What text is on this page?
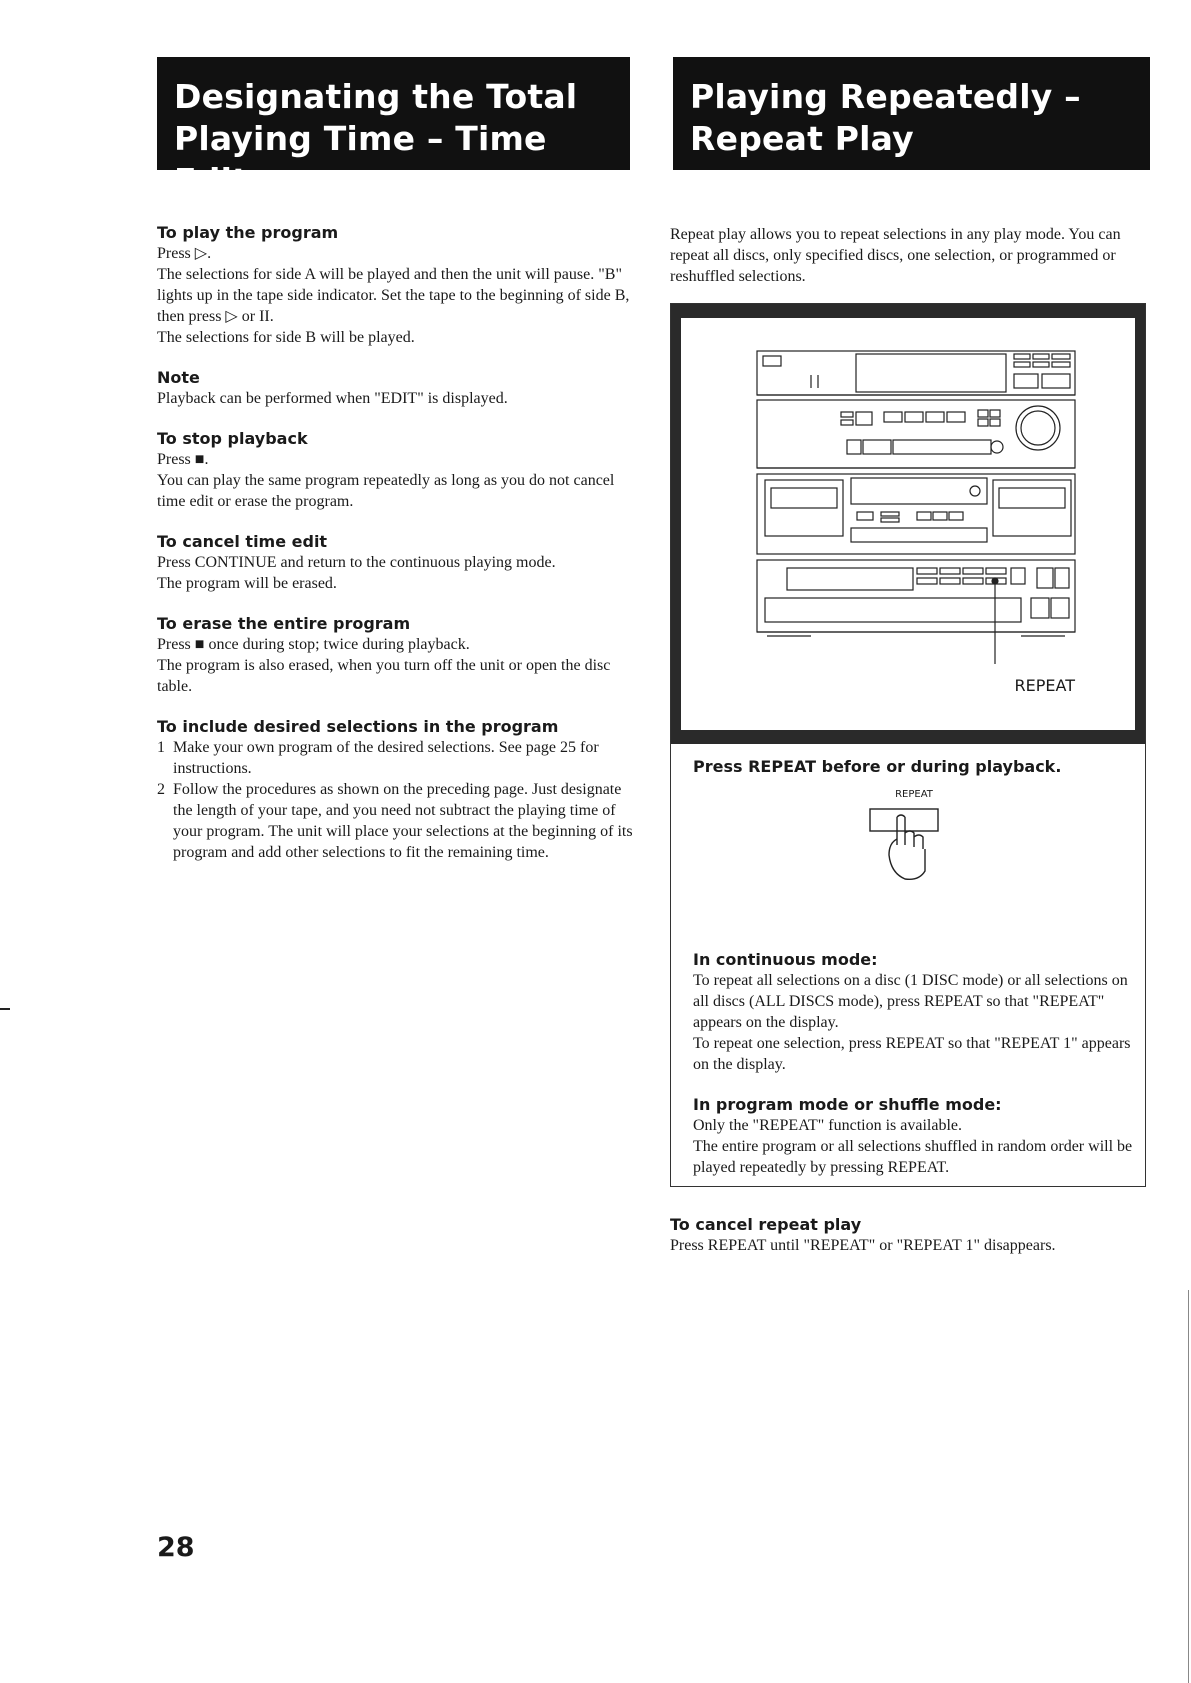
Designating the Total
Playing Time – Time Edit
Playing Repeatedly –
Repeat Play
To play the program

Press ▷.

The selections for side A will be played and then the unit will pause. "B" lights up in the tape side indicator. Set the tape to the beginning of side B, then press ▷ or II.

The selections for side B will be played.

Note

Playback can be performed when "EDIT" is displayed.

To stop playback

Press ■.

You can play the same program repeatedly as long as you do not cancel time edit or erase the program.

To cancel time edit

Press CONTINUE and return to the continuous playing mode.

The program will be erased.

To erase the entire program

Press ■ once during stop; twice during playback.

The program is also erased, when you turn off the unit or open the disc table.

To include desired selections in the program
1 Make your own program of the desired selections. See page 25 for instructions.
2 Follow the procedures as shown on the preceding page. Just designate the length of your tape, and you need not subtract the playing time of your program. The unit will place your selections at the beginning of its program and add other selections to fit the remaining time.

Repeat play allows you to repeat selections in any play mode. You can repeat all discs, only specified discs, one selection, or programmed or reshuffled selections.

REPEAT

Press REPEAT before or during playback.

REPEAT
In continuous mode:

To repeat all selections on a disc (1 DISC mode) or all selections on all discs (ALL DISCS mode), press REPEAT so that "REPEAT" appears on the display.

To repeat one selection, press REPEAT so that "REPEAT 1" appears on the display.

In program mode or shuffle mode:

Only the "REPEAT" function is available.

The entire program or all selections shuffled in random order will be played repeatedly by pressing REPEAT.

To cancel repeat play

Press REPEAT until "REPEAT" or "REPEAT 1" disappears.

28
